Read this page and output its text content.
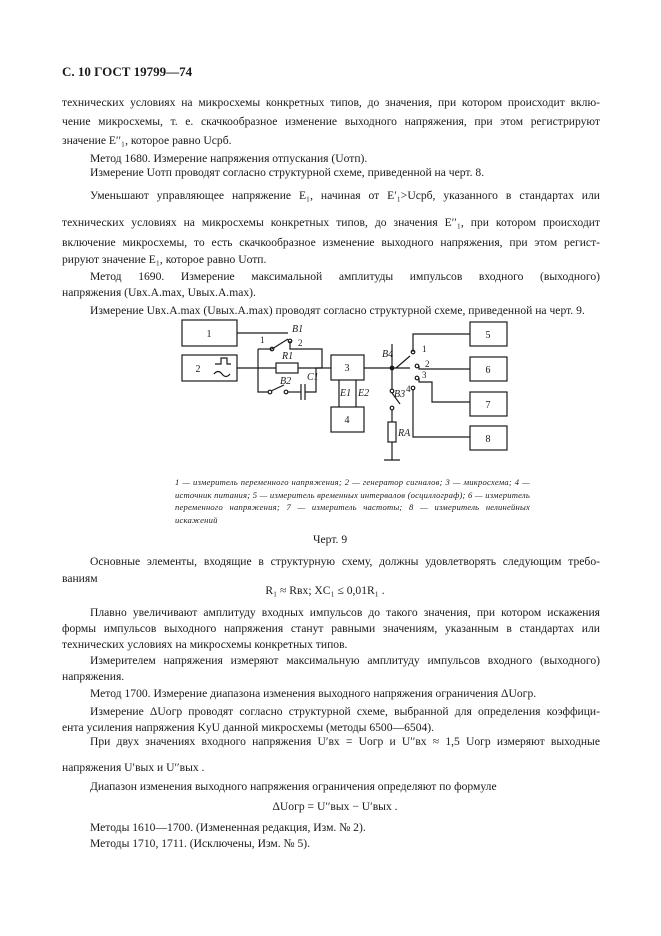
С. 10 ГОСТ 19799—74
технических условиях на микросхемы конкретных типов, до значения, при котором происходит вклю-
чение микросхемы, т. е. скачкообразное изменение выходного напряжения, при этом регистрируют
значение E′′₁, которое равно Uсрб.
Метод 1680. Измерение напряжения отпускания (Uотп).
Измерение Uотп проводят согласно структурной схеме, приведенной на черт. 8.
Уменьшают управляющее напряжение E₁, начиная от E′₁>Uсрб, указанного в стандартах или
технических условиях на микросхемы конкретных типов, до значения E′′₁, при котором происходит
включение микросхемы, то есть скачкообразное изменение выходного напряжения, при этом регист-
рируют значение E₁, которое равно Uотп.
Метод 1690. Измерение максимальной амплитуды импульсов входного (выходного)
напряжения (Uвх.А.max, Uвых.А.max).
Измерение Uвх.А.max (Uвых.А.max) проводят согласно структурной схеме, приведенной на черт. 9.
1
2
В1
1	2
R1
В2 C1
3
E1 E2
4
В4	1
2
3
4
В3
RA
5
6
7
8
1 — измеритель переменного напряжения; 2 — генератор сигналов; 3 — микросхема; 4 — источник питания; 5 — измеритель временных интервалов (осциллограф); 6 — измеритель переменного напряжения; 7 — измеритель частоты; 8 — измеритель нелинейных искажений
Черт. 9
Основные элементы, входящие в структурную схему, должны удовлетворять следующим требо-
ваниям
R₁ ≈ Rвх; XC₁ ≤ 0,01R₁ .
Плавно увеличивают амплитуду входных импульсов до такого значения, при котором искажения
формы импульсов выходного напряжения станут равными значениям, указанным в стандартах или
технических условиях на микросхемы конкретных типов.
Измерителем напряжения измеряют максимальную амплитуду импульсов входного (выходного)
напряжения.
Метод 1700. Измерение диапазона изменения выходного напряжения ограничения ΔUогр.
Измерение ΔUогр проводят согласно структурной схеме, выбранной для определения коэффици-
ента усиления напряжения KyU данной микросхемы (методы 6500—6504).
При двух значениях входного напряжения U′вх = Uогр и U′′вх ≈ 1,5 Uогр измеряют выходные
напряжения U′вых и U′′вых .
Диапазон изменения выходного напряжения ограничения определяют по формуле
ΔUогр = U′′вых − U′вых .
Методы 1610—1700. (Измененная редакция, Изм. № 2).
Методы 1710, 1711. (Исключены, Изм. № 5).
